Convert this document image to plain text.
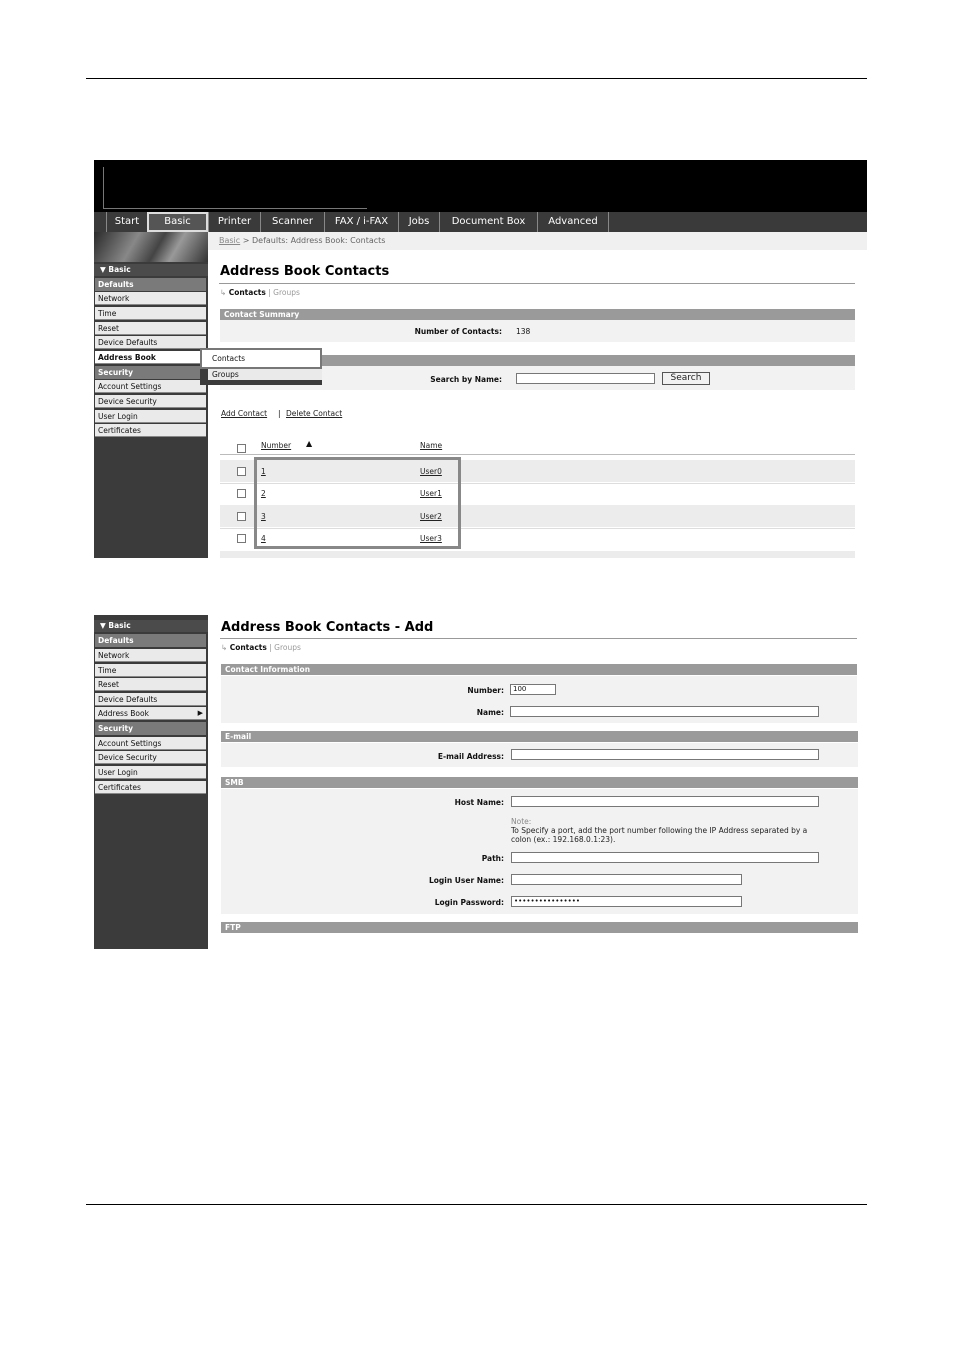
Start	Basic	Printer	Scanner	FAX / i-FAX	Jobs	Document Box	Advanced
Basic > Defaults: Address Book: Contacts
▼ Basic
Defaults
Network
Time
Reset
Device Defaults
Address Book
Security
Account Settings
Device Security
User Login
Certificates
Address Book Contacts
↳ Contacts | Groups
Contact Summary
Number of Contacts: 138
Search by Name:	Search
Contacts
Groups
Add Contact | Delete Contact
Number ▲	Name
1	User0
2	User1
3	User2
4	User3
▼ Basic
Defaults
Network
Time
Reset
Device Defaults
Address Book	▶
Security
Account Settings
Device Security
User Login
Certificates
Address Book Contacts - Add
↳ Contacts | Groups
Contact Information
Number:	100
Name:
E-mail
E-mail Address:
SMB
Host Name:
Note:
To Specify a port, add the port number following the IP Address separated by a
colon (ex.: 192.168.0.1:23).
Path:
Login User Name:
Login Password:	••••••••••••••••
FTP
